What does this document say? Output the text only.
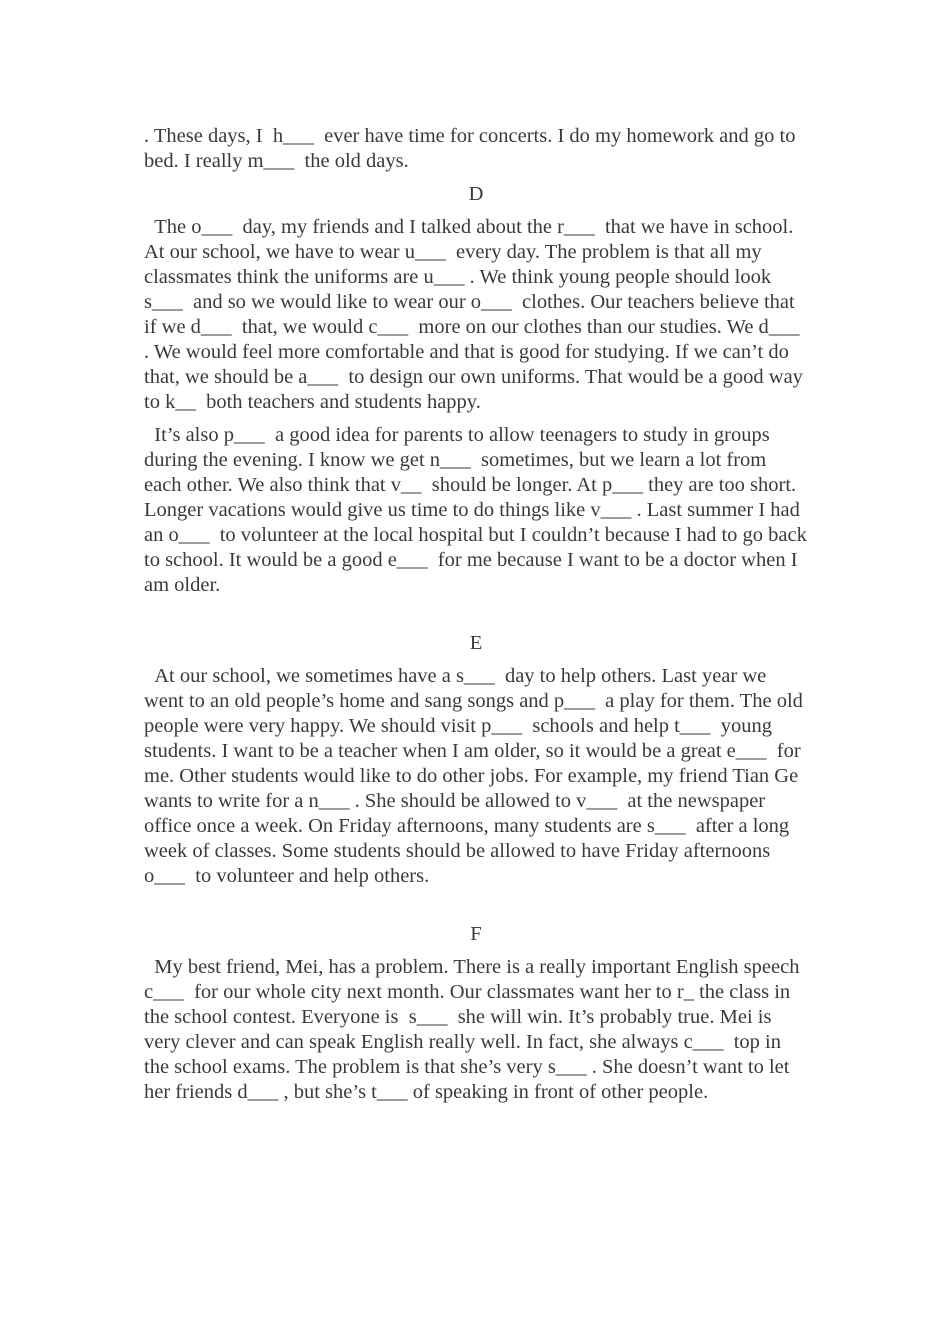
. These days, I  h___  ever have time for concerts. I do my homework and go to bed. I really m___  the old days.

D

The o___  day, my friends and I talked about the r___  that we have in school. At our school, we have to wear u___  every day. The problem is that all my classmates think the uniforms are u___ . We think young people should look s___  and so we would like to wear our o___  clothes. Our teachers believe that if we d___  that, we would c___  more on our clothes than our studies. We d___ . We would feel more comfortable and that is good for studying. If we can’t do that, we should be a___  to design our own uniforms. That would be a good way to k__  both teachers and students happy.

It’s also p___  a good idea for parents to allow teenagers to study in groups during the evening. I know we get n___  sometimes, but we learn a lot from each other. We also think that v__  should be longer. At p___ they are too short. Longer vacations would give us time to do things like v___ . Last summer I had an o___  to volunteer at the local hospital but I couldn’t because I had to go back to school. It would be a good e___  for me because I want to be a doctor when I am older.

E

At our school, we sometimes have a s___  day to help others. Last year we went to an old people’s home and sang songs and p___  a play for them. The old people were very happy. We should visit p___  schools and help t___  young students. I want to be a teacher when I am older, so it would be a great e___  for me. Other students would like to do other jobs. For example, my friend Tian Ge wants to write for a n___ . She should be allowed to v___  at the newspaper office once a week. On Friday afternoons, many students are s___  after a long week of classes. Some students should be allowed to have Friday afternoons o___  to volunteer and help others.

F

My best friend, Mei, has a problem. There is a really important English speech c___  for our whole city next month. Our classmates want her to r_ the class in the school contest. Everyone is  s___  she will win. It’s probably true. Mei is very clever and can speak English really well. In fact, she always c___  top in the school exams. The problem is that she’s very s___ . She doesn’t want to let her friends d___ , but she’s t___ of speaking in front of other people.
